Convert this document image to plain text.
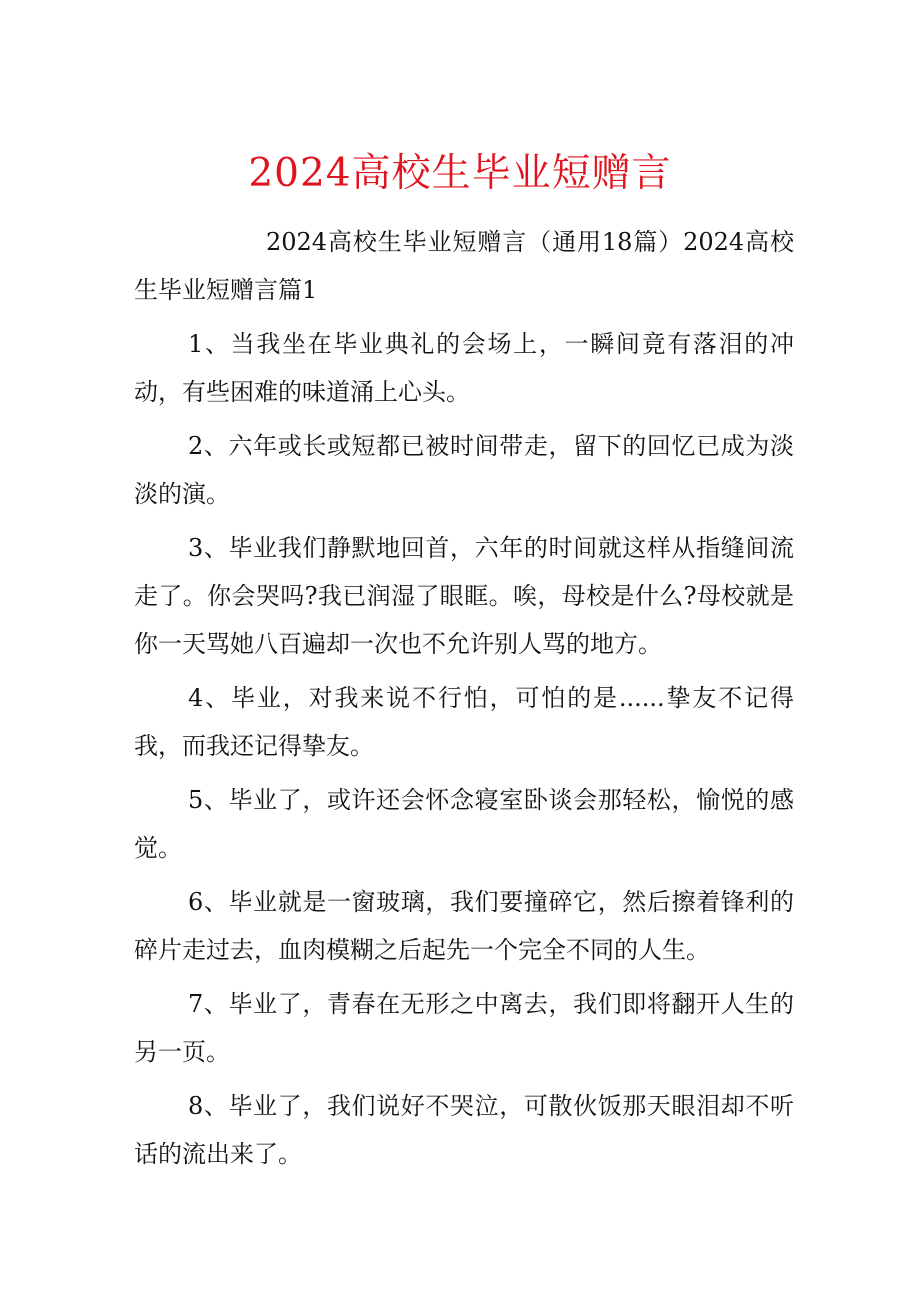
2024高校生毕业短赠言

2024高校生毕业短赠言（通用18篇）2024高校生毕业短赠言篇1

1、当我坐在毕业典礼的会场上，一瞬间竟有落泪的冲动，有些困难的味道涌上心头。

2、六年或长或短都已被时间带走，留下的回忆已成为淡淡的演。

3、毕业我们静默地回首，六年的时间就这样从指缝间流走了。你会哭吗?我已润湿了眼眶。唉，母校是什么?母校就是你一天骂她八百遍却一次也不允许别人骂的地方。

4、毕业，对我来说不行怕，可怕的是......挚友不记得我，而我还记得挚友。

5、毕业了，或许还会怀念寝室卧谈会那轻松，愉悦的感觉。

6、毕业就是一窗玻璃，我们要撞碎它，然后擦着锋利的碎片走过去，血肉模糊之后起先一个完全不同的人生。

7、毕业了，青春在无形之中离去，我们即将翻开人生的另一页。

8、毕业了，我们说好不哭泣，可散伙饭那天眼泪却不听话的流出来了。
